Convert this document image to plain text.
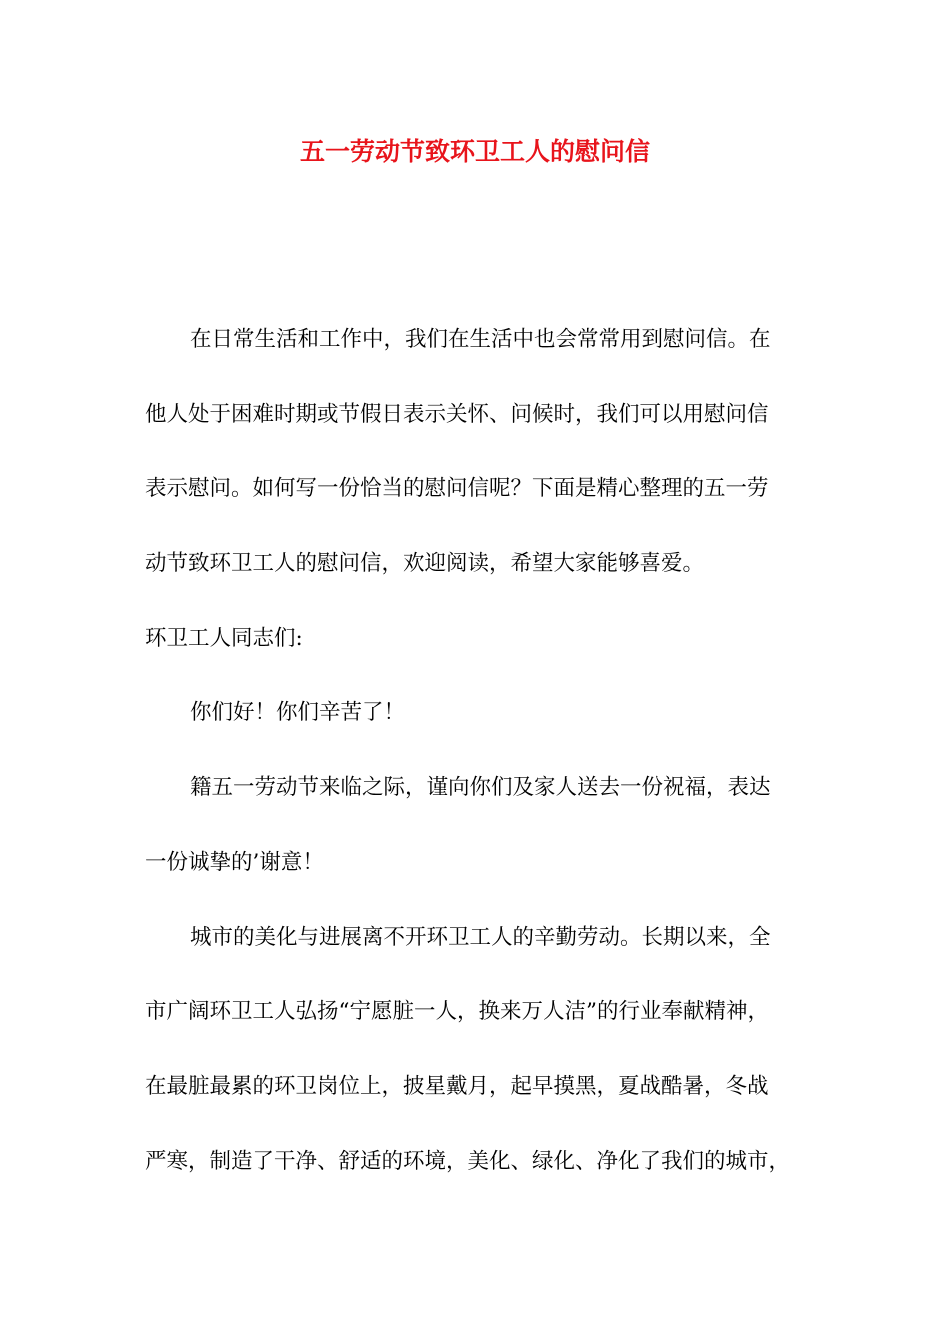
五一劳动节致环卫工人的慰问信
在日常生活和工作中，我们在生活中也会常常用到慰问信。在
他人处于困难时期或节假日表示关怀、问候时，我们可以用慰问信
表示慰问。如何写一份恰当的慰问信呢？下面是精心整理的五一劳
动节致环卫工人的慰问信，欢迎阅读，希望大家能够喜爱。
环卫工人同志们:
你们好！你们辛苦了！
籍五一劳动节来临之际，谨向你们及家人送去一份祝福，表达
一份诚挚的’谢意！
城市的美化与进展离不开环卫工人的辛勤劳动。长期以来，全
市广阔环卫工人弘扬“宁愿脏一人，换来万人洁”的行业奉献精神，
在最脏最累的环卫岗位上，披星戴月，起早摸黑，夏战酷暑，冬战
严寒，制造了干净、舒适的环境，美化、绿化、净化了我们的城市，
